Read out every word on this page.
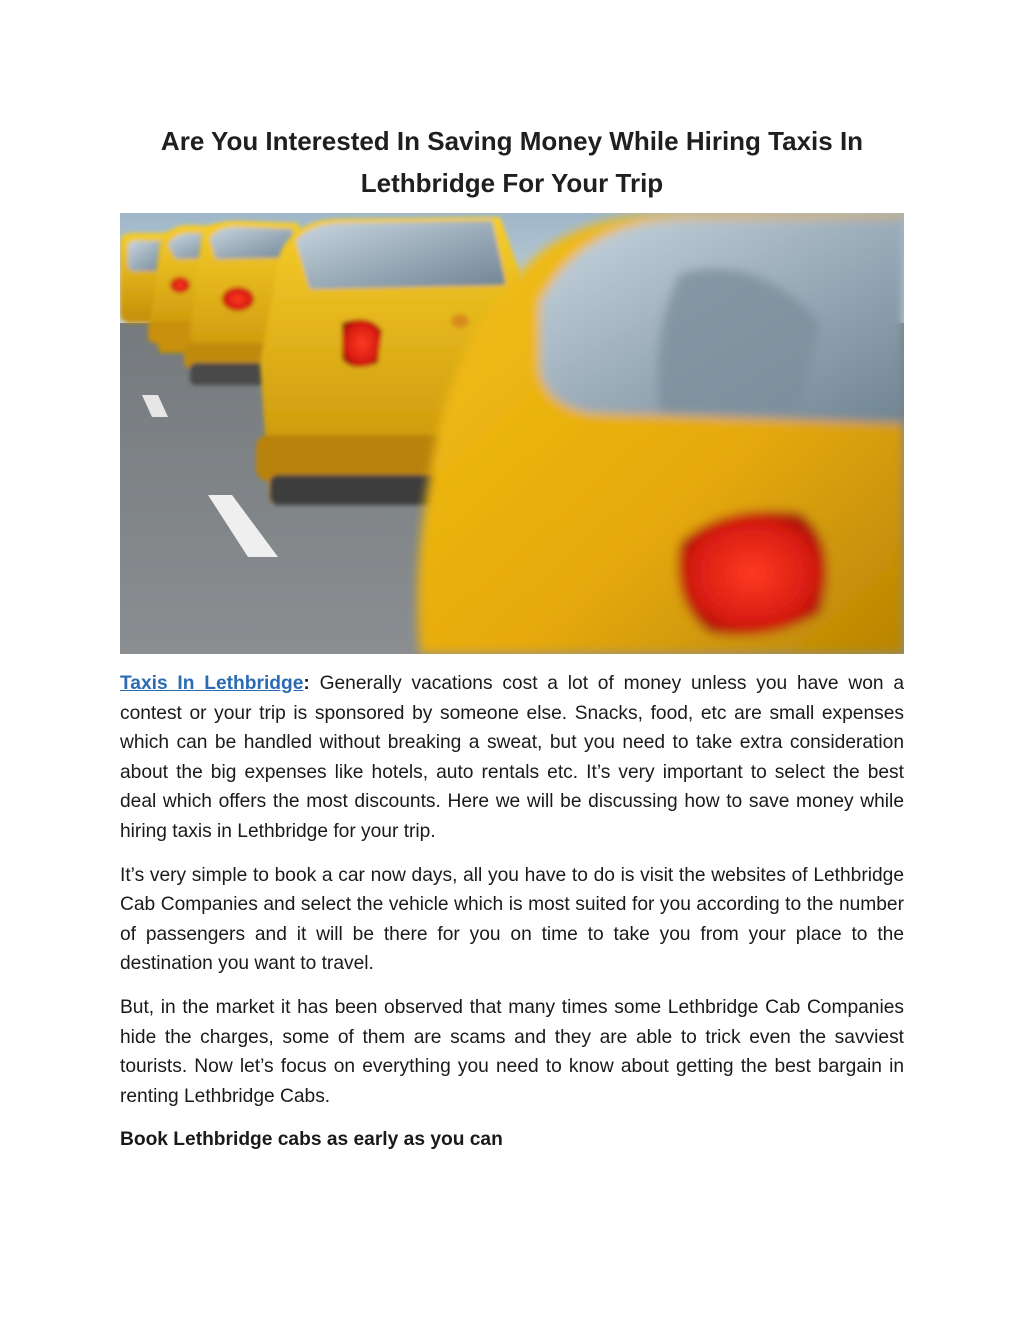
Are You Interested In Saving Money While Hiring Taxis In
Lethbridge For Your Trip

Taxis In Lethbridge: Generally vacations cost a lot of money unless you have won a contest or your trip is sponsored by someone else. Snacks, food, etc are small expenses which can be handled without breaking a sweat, but you need to take extra consideration about the big expenses like hotels, auto rentals etc. It’s very important to select the best deal which offers the most discounts. Here we will be discussing how to save money while hiring taxis in Lethbridge for your trip.

It’s very simple to book a car now days, all you have to do is visit the websites of Lethbridge Cab Companies and select the vehicle which is most suited for you according to the number of passengers and it will be there for you on time to take you from your place to the destination you want to travel.

But, in the market it has been observed that many times some Lethbridge Cab Companies hide the charges, some of them are scams and they are able to trick even the savviest tourists. Now let’s focus on everything you need to know about getting the best bargain in renting Lethbridge Cabs.

Book Lethbridge cabs as early as you can
